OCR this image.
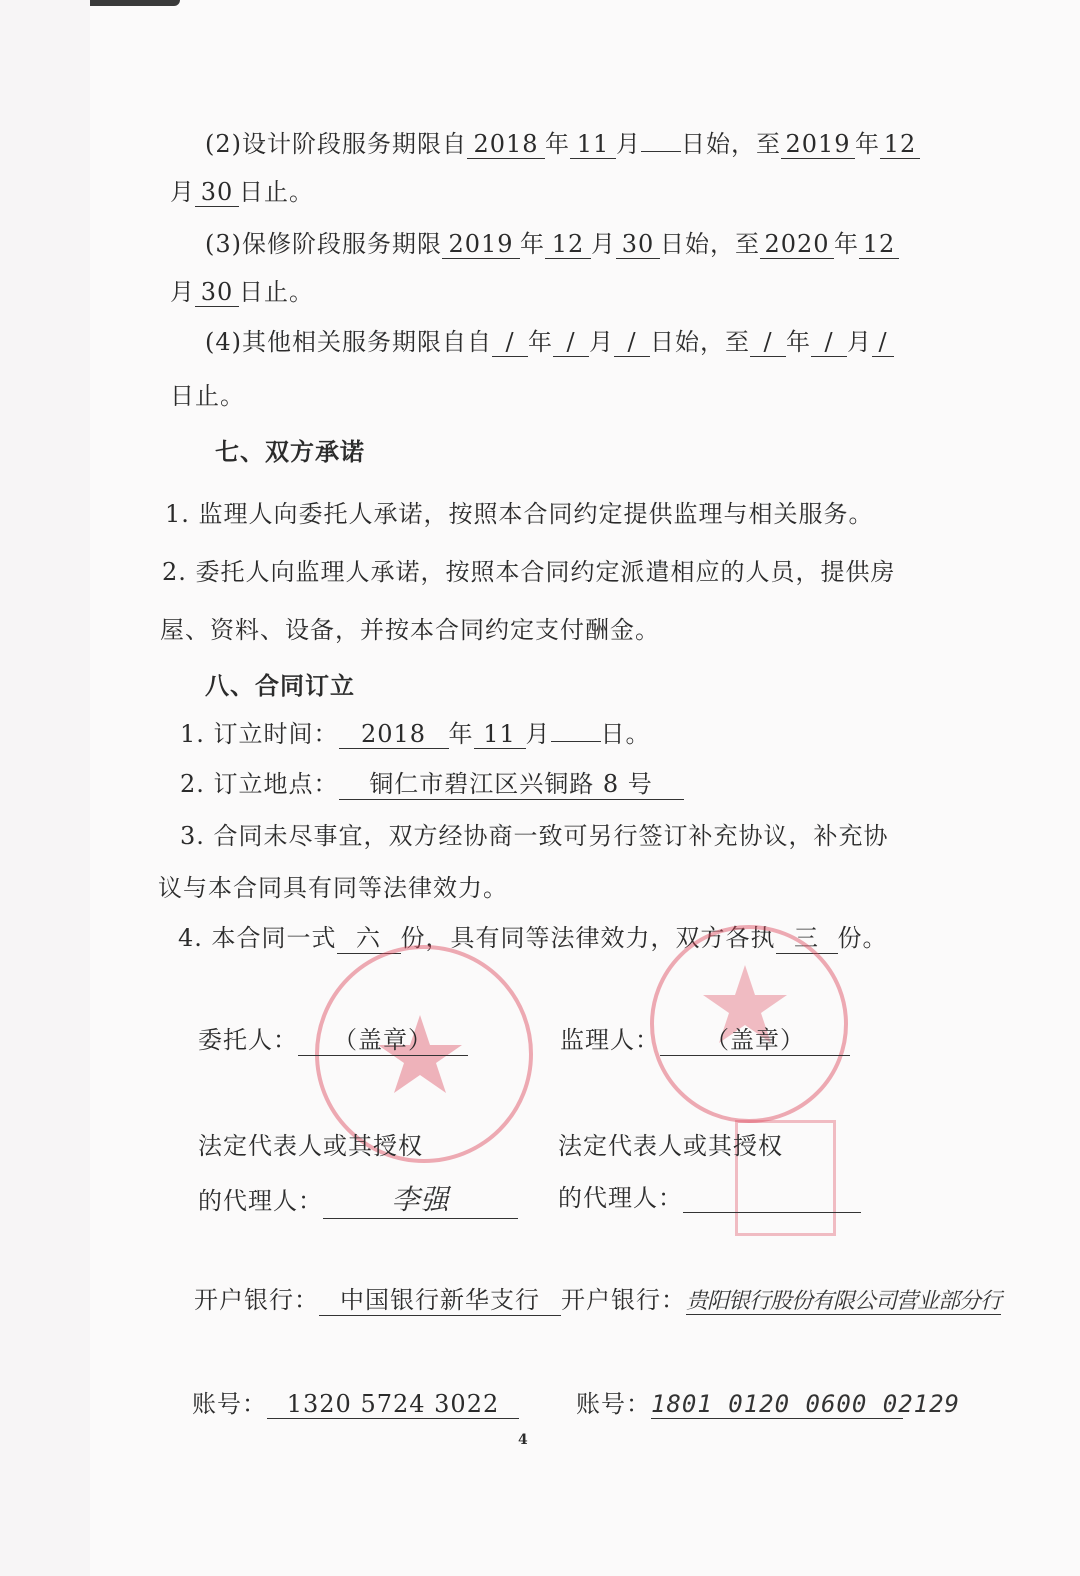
(2)设计阶段服务期限自 2018 年 11 月 日始，至 2019 年 12
月 30 日止。
(3)保修阶段服务期限 2019 年 12 月 30 日始，至 2020 年 12
月 30 日止。
(4)其他相关服务期限自自 / 年 / 月 / 日始，至 / 年 / 月 /
日止。
七、双方承诺
1. 监理人向委托人承诺，按照本合同约定提供监理与相关服务。
2. 委托人向监理人承诺，按照本合同约定派遣相应的人员，提供房
屋、资料、设备，并按本合同约定支付酬金。
八、合同订立
1. 订立时间： 2018 年 11 月 日。
2. 订立地点： 铜仁市碧江区兴铜路 8 号
3. 合同未尽事宜，双方经协商一致可另行签订补充协议，补充协
议与本合同具有同等法律效力。
4. 本合同一式 六 份，具有同等法律效力，双方各执 三 份。
委托人： （盖章）	监理人： （盖章）
法定代表人或其授权
的代理人： 李强
法定代表人或其授权
的代理人：
开户银行： 中国银行新华支行 开户银行：贵阳银行股份有限公司营业部分行
账号： 1320 5724 3022	账号：1801 0120 0600 02129
4
